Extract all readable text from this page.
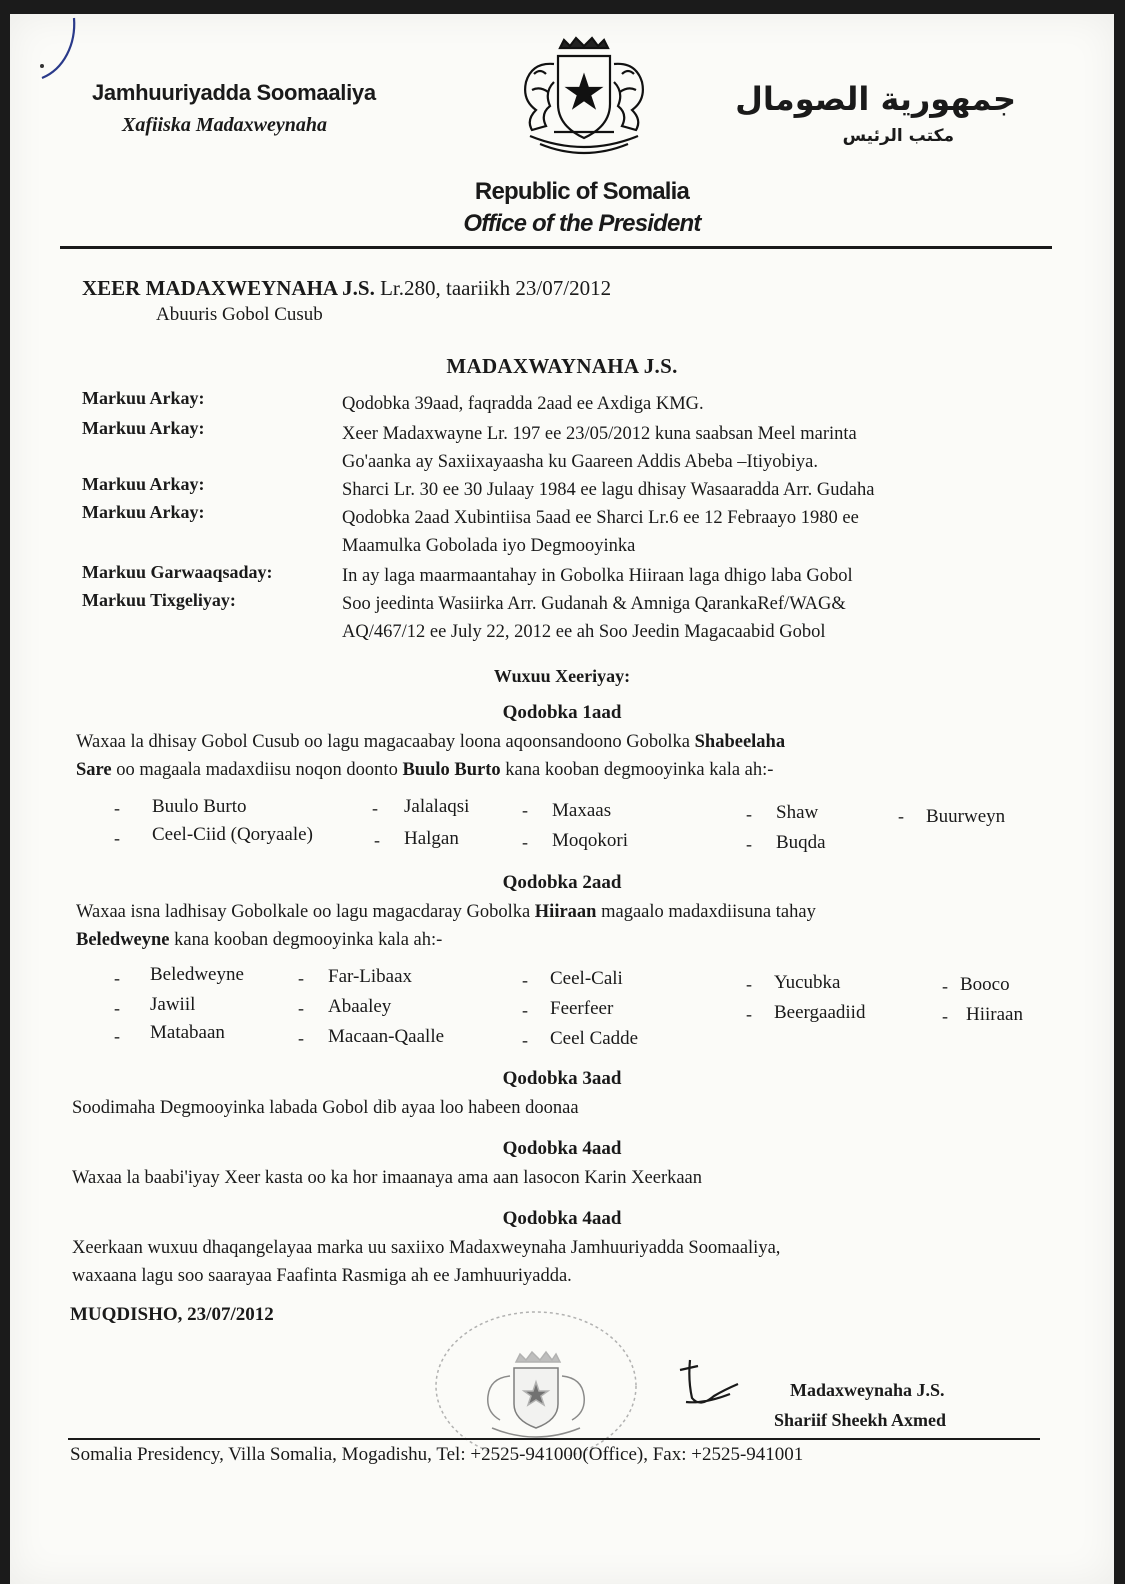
Jamhuuriyadda Soomaaliya
Xafiiska Madaxweynaha
جمهورية الصومال
مكتب الرئيس
Republic of Somalia
Office of the President
XEER MADAXWEYNAHA J.S. Lr.280, taariikh 23/07/2012
Abuuris Gobol Cusub
MADAXWAYNAHA J.S.
Markuu Arkay:	Qodobka 39aad, faqradda 2aad ee Axdiga KMG.
Markuu Arkay:	Xeer Madaxwayne Lr. 197 ee 23/05/2012 kuna saabsan Meel marinta
Go'aanka ay Saxiixayaasha ku Gaareen Addis Abeba –Itiyobiya.
Markuu Arkay:	Sharci Lr. 30 ee 30 Julaay 1984 ee lagu dhisay Wasaaradda Arr. Gudaha
Markuu Arkay:	Qodobka 2aad Xubintiisa 5aad ee Sharci Lr.6 ee 12 Febraayo 1980 ee
Maamulka Gobolada iyo Degmooyinka
Markuu Garwaaqsaday:	In ay laga maarmaantahay in Gobolka Hiiraan laga dhigo laba Gobol
Markuu Tixgeliyay:	Soo jeedinta Wasiirka Arr. Gudanah & Amniga QarankaRef/WAG&
AQ/467/12 ee July 22, 2012 ee ah Soo Jeedin Magacaabid Gobol
Wuxuu Xeeriyay:
Qodobka 1aad
Waxaa la dhisay Gobol Cusub oo lagu magacaabay loona aqoonsandoono Gobolka Shabeelaha
Sare oo magaala madaxdiisu noqon doonto Buulo Burto kana kooban degmooyinka kala ah:-
- Buulo Burto	- Jalalaqsi	- Maxaas	- Shaw	- Buurweyn
- Ceel-Ciid (Qoryaale)	- Halgan	- Moqokori	- Buqda
Qodobka 2aad
Waxaa isna ladhisay Gobolkale oo lagu magacdaray Gobolka Hiiraan magaalo madaxdiisuna tahay
Beledweyne kana kooban degmooyinka kala ah:-
- Beledweyne	- Far-Libaax	- Ceel-Cali	- Yucubka	- Booco
- Jawiil	- Abaaley	- Feerfeer	- Beergaadiid	- Hiiraan
- Matabaan	- Macaan-Qaalle	- Ceel Cadde
Qodobka 3aad
Soodimaha Degmooyinka labada Gobol dib ayaa loo habeen doonaa
Qodobka 4aad
Waxaa la baabi'iyay Xeer kasta oo ka hor imaanaya ama aan lasocon Karin Xeerkaan
Qodobka 4aad
Xeerkaan wuxuu dhaqangelayaa marka uu saxiixo Madaxweynaha Jamhuuriyadda Soomaaliya,
waxaana lagu soo saarayaa Faafinta Rasmiga ah ee Jamhuuriyadda.
MUQDISHO, 23/07/2012
Madaxweynaha J.S.
Shariif Sheekh Axmed
Somalia Presidency, Villa Somalia, Mogadishu, Tel: +2525-941000(Office), Fax: +2525-941001
